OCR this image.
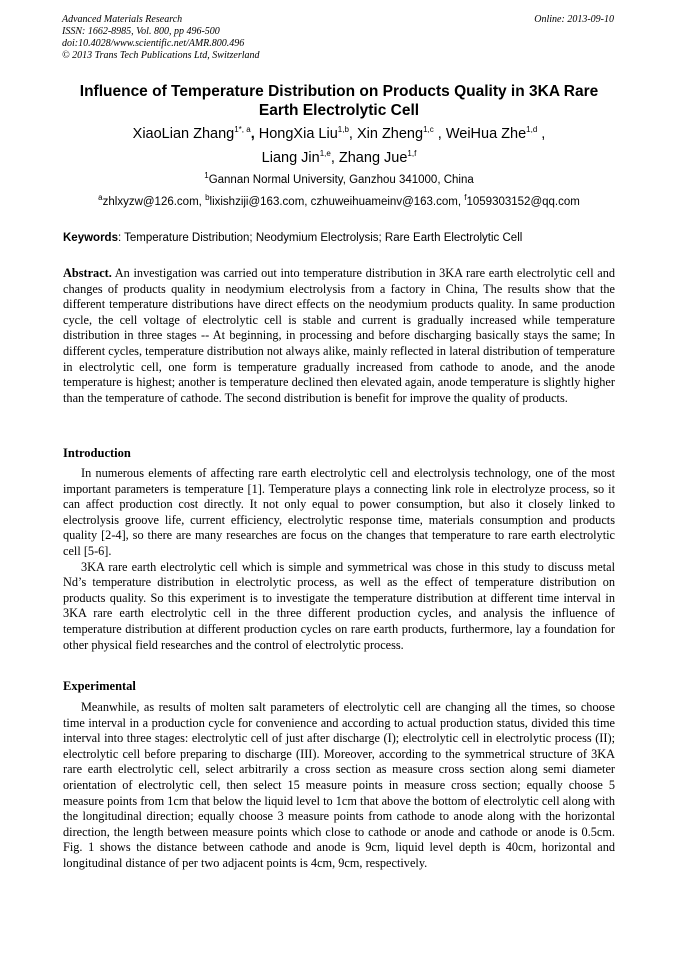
Advanced Materials Research
ISSN: 1662-8985, Vol. 800, pp 496-500
doi:10.4028/www.scientific.net/AMR.800.496
© 2013 Trans Tech Publications Ltd, Switzerland
Online: 2013-09-10
Influence of Temperature Distribution on Products Quality in 3KA Rare
Earth Electrolytic Cell
XiaoLian Zhang$^{1*, a}$, HongXia Liu$^{1,b}$, Xin Zheng$^{1,c}$ , WeiHua Zhe$^{1,d}$ ,
Liang Jin$^{1,e}$, Zhang Jue$^{1,f}$
$^1$Gannan Normal University, Ganzhou 341000, China
$^a$zhlxyzw@126.com, $^b$lixishziji@163.com, czhuweihuameinv@163.com, $^f$1059303152@qq.com
Keywords: Temperature Distribution; Neodymium Electrolysis; Rare Earth Electrolytic Cell
Abstract. An investigation was carried out into temperature distribution in 3KA rare earth electrolytic cell and changes of products quality in neodymium electrolysis from a factory in China, The results show that the different temperature distributions have direct effects on the neodymium products quality. In same production cycle, the cell voltage of electrolytic cell is stable and current is gradually increased while temperature distribution in three stages -- At beginning, in processing and before discharging basically stays the same; In different cycles, temperature distribution not always alike, mainly reflected in lateral distribution of temperature in electrolytic cell, one form is temperature gradually increased from cathode to anode, and the anode temperature is highest; another is temperature declined then elevated again, anode temperature is slightly higher than the temperature of cathode. The second distribution is benefit for improve the quality of products.
Introduction

In numerous elements of affecting rare earth electrolytic cell and electrolysis technology, one of the most important parameters is temperature [1]. Temperature plays a connecting link role in electrolyze process, so it can affect production cost directly. It not only equal to power consumption, but also it closely linked to electrolysis groove life, current efficiency, electrolytic response time, materials consumption and products quality [2-4], so there are many researches are focus on the changes that temperature to rare earth electrolytic cell [5-6].

3KA rare earth electrolytic cell which is simple and symmetrical was chose in this study to discuss metal Nd’s temperature distribution in electrolytic process, as well as the effect of temperature distribution on products quality. So this experiment is to investigate the temperature distribution at different time interval in 3KA rare earth electrolytic cell in the three different production cycles, and analysis the influence of temperature distribution at different production cycles on rare earth products, furthermore, lay a foundation for other physical field researches and the control of electrolytic process.

Experimental

Meanwhile, as results of molten salt parameters of electrolytic cell are changing all the times, so choose time interval in a production cycle for convenience and according to actual production status, divided this time interval into three stages: electrolytic cell of just after discharge (I); electrolytic cell in electrolytic process (II); electrolytic cell before preparing to discharge (III). Moreover, according to the symmetrical structure of 3KA rare earth electrolytic cell, select arbitrarily a cross section as measure cross section along semi diameter orientation of electrolytic cell, then select 15 measure points in measure cross section; equally choose 5 measure points from 1cm that below the liquid level to 1cm that above the bottom of electrolytic cell along with the longitudinal direction; equally choose 3 measure points from cathode to anode along with the horizontal direction, the length between measure points which close to cathode or anode and cathode or anode is 0.5cm. Fig. 1 shows the distance between cathode and anode is 9cm, liquid level depth is 40cm, horizontal and longitudinal distance of per two adjacent points is 4cm, 9cm, respectively.
